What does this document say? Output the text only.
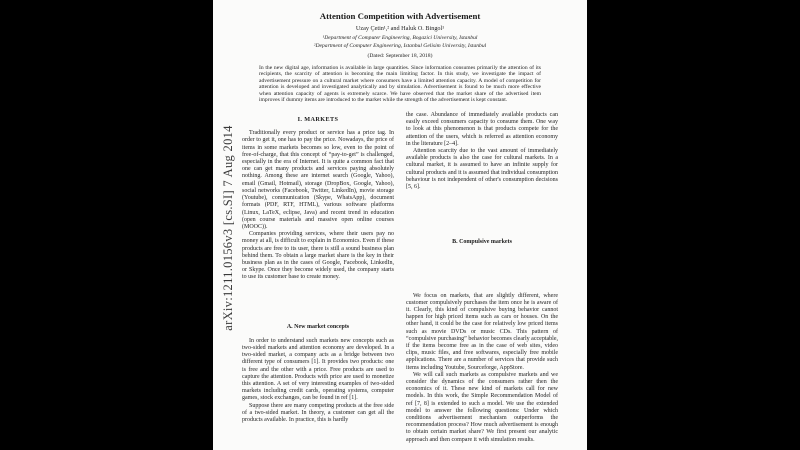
arXiv:1211.0156v3 [cs.SI] 7 Aug 2014
Attention Competition with Advertisement
Uzay Çetin¹,² and Haluk O. Bingol¹
¹Department of Computer Engineering, Bogazici University, Istanbul
²Department of Computer Engineering, Istanbul Gelisim University, Istanbul
(Dated: September 18, 2018)
In the new digital age, information is available in large quantities. Since information consumes primarily the attention of its recipients, the scarcity of attention is becoming the main limiting factor. In this study, we investigate the impact of advertisement pressure on a cultural market where consumers have a limited attention capacity. A model of competition for attention is developed and investigated analytically and by simulation. Advertisement is found to be much more effective when attention capacity of agents is extremely scarce. We have observed that the market share of the advertised item improves if dummy items are introduced to the market while the strength of the advertisement is kept constant.
I. MARKETS

Traditionally every product or service has a price tag. In order to get it, one has to pay the price. Nowadays, the price of items in some markets becomes so low, even to the point of free-of-charge, that this concept of “pay-to-get” is challenged, especially in the era of Internet. It is quite a common fact that one can get many products and services paying absolutely nothing. Among these are internet search (Google, Yahoo), email (Gmail, Hotmail), storage (DropBox, Google, Yahoo), social networks (Facebook, Twitter, LinkedIn), movie storage (Youtube), communication (Skype, WhatsApp), document formats (PDF, RTF, HTML), various software platforms (Linux, LaTeX, eclipse, Java) and recent trend in education (open course materials and massive open online courses (MOOC)).

Companies providing services, where their users pay no money at all, is difficult to explain in Economics. Even if these products are free to its user, there is still a sound business plan behind them. To obtain a large market share is the key in their business plan as in the cases of Google, Facebook, LinkedIn, or Skype. Once they become widely used, the company starts to use its customer base to create money.

A. New market concepts

In order to understand such markets new concepts such as two-sided markets and attention economy are developed. In a two-sided market, a company acts as a bridge between two different type of consumers [1]. It provides two products: one is free and the other with a price. Free products are used to capture the attention. Products with price are used to monetize this attention. A set of very interesting examples of two-sided markets including credit cards, operating systems, computer games, stock exchanges, can be found in ref [1].

Suppose there are many competing products at the free side of a two-sided market. In theory, a customer can get all the products available. In practice, this is hardly

the case. Abundance of immediately available products can easily exceed consumers capacity to consume them. One way to look at this phenomenon is that products compete for the attention of the users, which is referred as attention economy in the literature [2–4].

Attention scarcity due to the vast amount of immediately available products is also the case for cultural markets. In a cultural market, it is assumed to have an infinite supply for cultural products and it is assumed that individual consumption behaviour is not independent of other's consumption decisions [5, 6].

B. Compulsive markets

We focus on markets, that are slightly different, where customer compulsively purchases the item once he is aware of it. Clearly, this kind of compulsive buying behavior cannot happen for high priced items such as cars or houses. On the other hand, it could be the case for relatively low priced items such as movie DVDs or music CDs. This pattern of “compulsive purchasing” behavior becomes clearly acceptable, if the items become free as in the case of web sites, video clips, music files, and free softwares, especially free mobile applications. There are a number of services that provide such items including Youtube, Sourceforge, AppStore.

We will call such markets as compulsive markets and we consider the dynamics of the consumers rather then the economics of it. These new kind of markets call for new models. In this work, the Simple Recommendation Model of ref [7, 8] is extended to such a model. We use the extended model to answer the following questions: Under which conditions advertisement mechanism outperforms the recommendation process? How much advertisement is enough to obtain certain market share? We first present our analytic approach and then compare it with simulation results.
